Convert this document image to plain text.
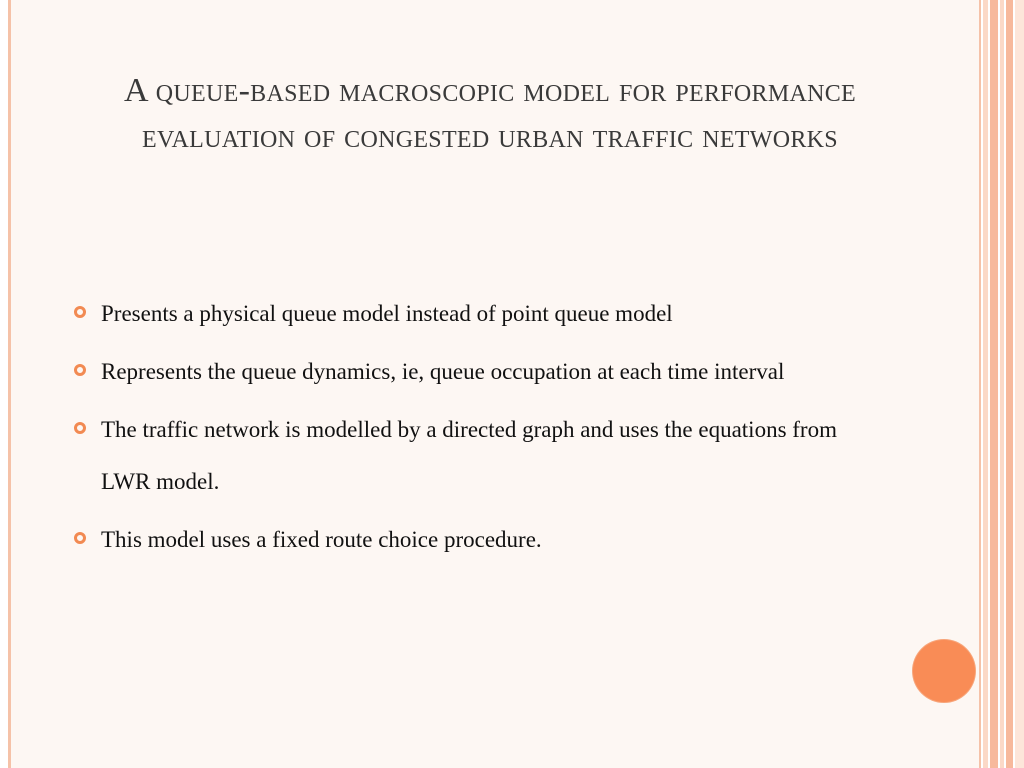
A queue-based macroscopic model for performance evaluation of congested urban traffic networks
Presents a physical queue model instead of point queue model
Represents the queue dynamics, ie, queue occupation at each time interval
The traffic network is modelled by a directed graph and uses the equations from LWR model.
This model uses a fixed route choice procedure.
